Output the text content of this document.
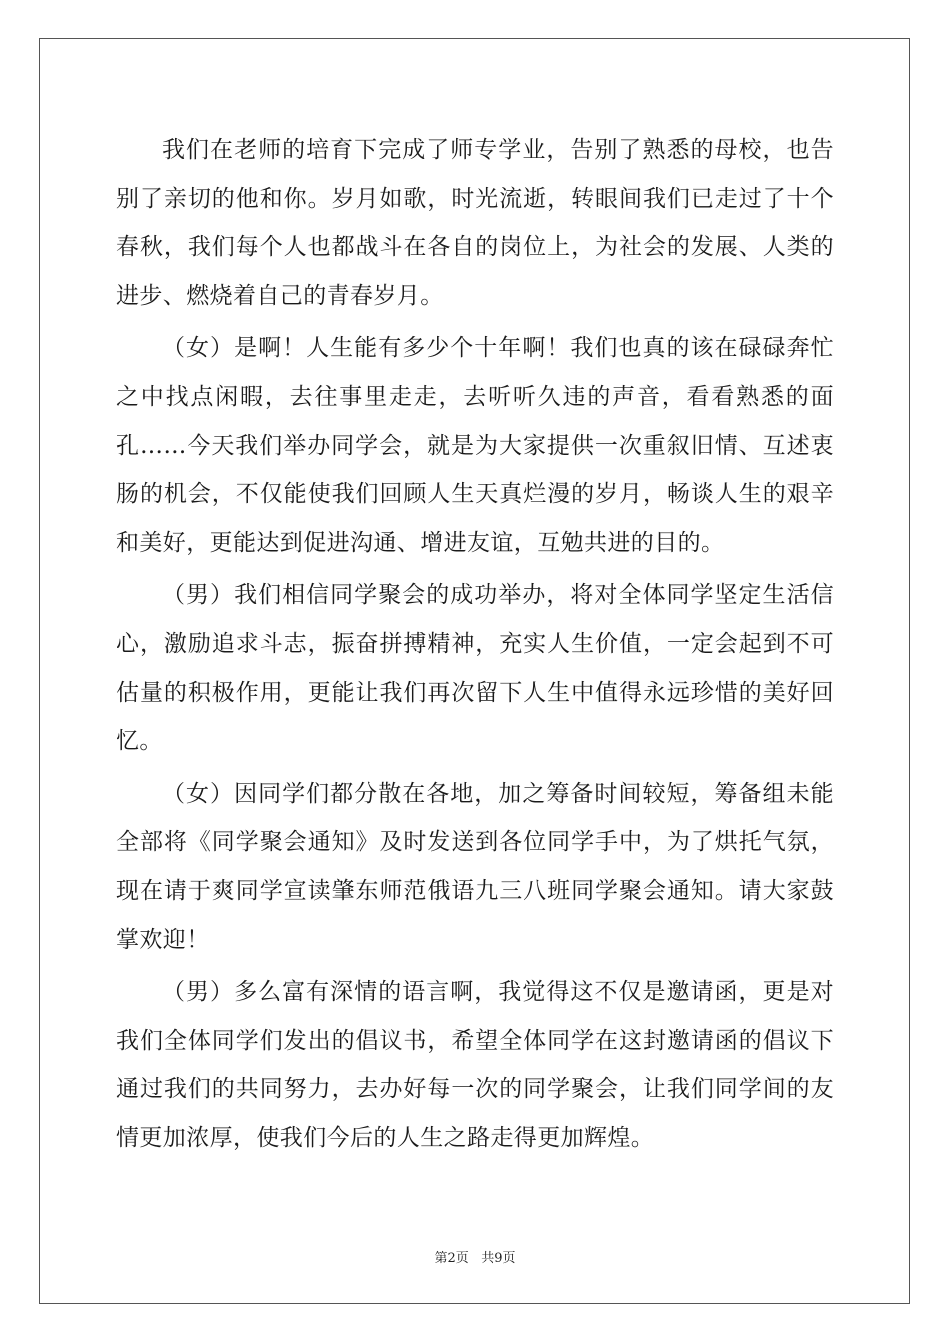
我们在老师的培育下完成了师专学业，告别了熟悉的母校，也告别了亲切的他和你。岁月如歌，时光流逝，转眼间我们已走过了十个春秋，我们每个人也都战斗在各自的岗位上，为社会的发展、人类的进步、燃烧着自己的青春岁月。

（女）是啊！人生能有多少个十年啊！我们也真的该在碌碌奔忙之中找点闲暇，去往事里走走，去听听久违的声音，看看熟悉的面孔……今天我们举办同学会，就是为大家提供一次重叙旧情、互述衷肠的机会，不仅能使我们回顾人生天真烂漫的岁月，畅谈人生的艰辛和美好，更能达到促进沟通、增进友谊，互勉共进的目的。

（男）我们相信同学聚会的成功举办，将对全体同学坚定生活信心，激励追求斗志，振奋拼搏精神，充实人生价值，一定会起到不可估量的积极作用，更能让我们再次留下人生中值得永远珍惜的美好回忆。

（女）因同学们都分散在各地，加之筹备时间较短，筹备组未能全部将《同学聚会通知》及时发送到各位同学手中，为了烘托气氛，现在请于爽同学宣读肇东师范俄语九三八班同学聚会通知。请大家鼓掌欢迎！

（男）多么富有深情的语言啊，我觉得这不仅是邀请函，更是对我们全体同学们发出的倡议书，希望全体同学在这封邀请函的倡议下通过我们的共同努力，去办好每一次的同学聚会，让我们同学间的友情更加浓厚，使我们今后的人生之路走得更加辉煌。

第2页 共9页
